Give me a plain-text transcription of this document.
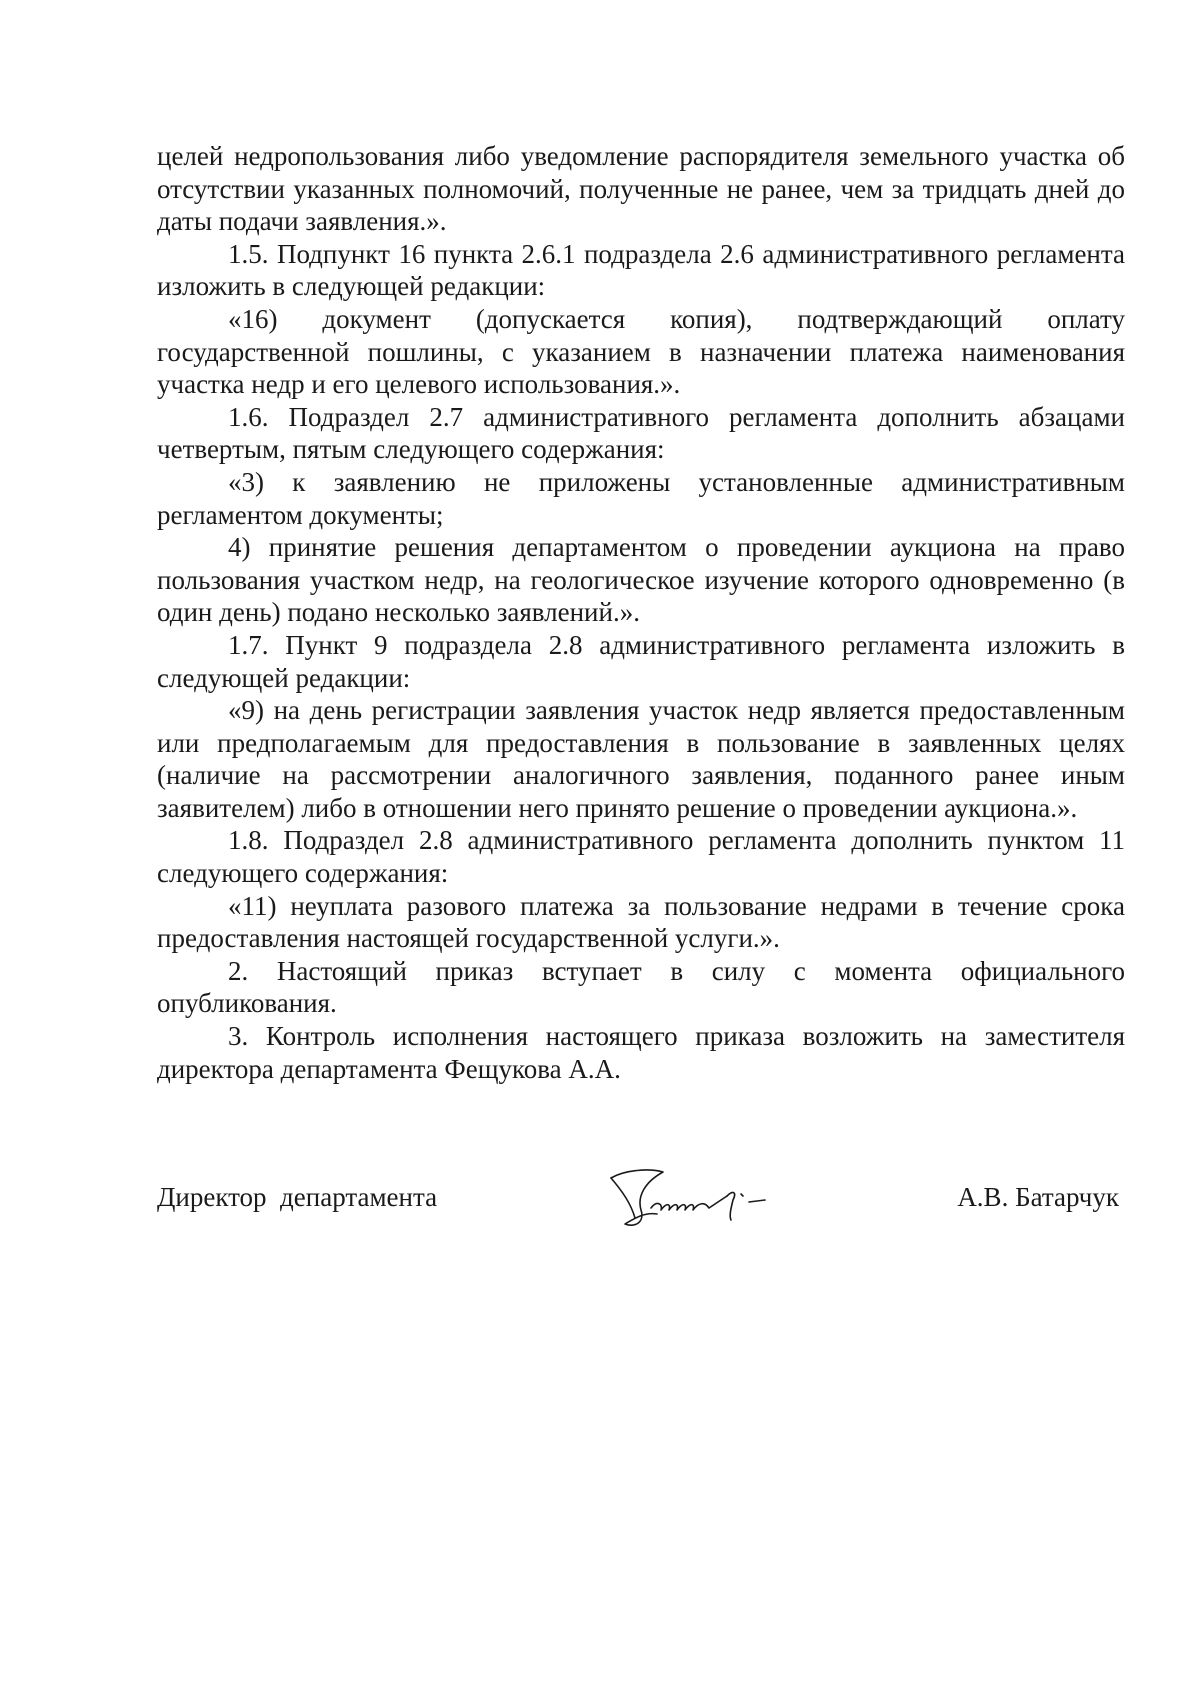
целей недропользования либо уведомление распорядителя земельного участка об отсутствии указанных полномочий, полученные не ранее, чем за тридцать дней до даты подачи заявления.».

1.5. Подпункт 16 пункта 2.6.1 подраздела 2.6 административного регламента изложить в следующей редакции:

«16) документ (допускается копия), подтверждающий оплату государственной пошлины, с указанием в назначении платежа наименования участка недр и его целевого использования.».

1.6. Подраздел 2.7 административного регламента дополнить абзацами четвертым, пятым следующего содержания:

«3) к заявлению не приложены установленные административным регламентом документы;

4) принятие решения департаментом о проведении аукциона на право пользования участком недр, на геологическое изучение которого одновременно (в один день) подано несколько заявлений.».

1.7. Пункт 9 подраздела 2.8 административного регламента изложить в следующей редакции:

«9) на день регистрации заявления участок недр является предоставленным или предполагаемым для предоставления в пользование в заявленных целях (наличие на рассмотрении аналогичного заявления, поданного ранее иным заявителем) либо в отношении него принято решение о проведении аукциона.».

1.8. Подраздел 2.8 административного регламента дополнить пунктом 11 следующего содержания:

«11) неуплата разового платежа за пользование недрами в течение срока предоставления настоящей государственной услуги.».

2. Настоящий приказ вступает в силу с момента официального опубликования.

3. Контроль исполнения настоящего приказа возложить на заместителя директора департамента Фещукова А.А.

Директор  департамента	А.В. Батарчук
